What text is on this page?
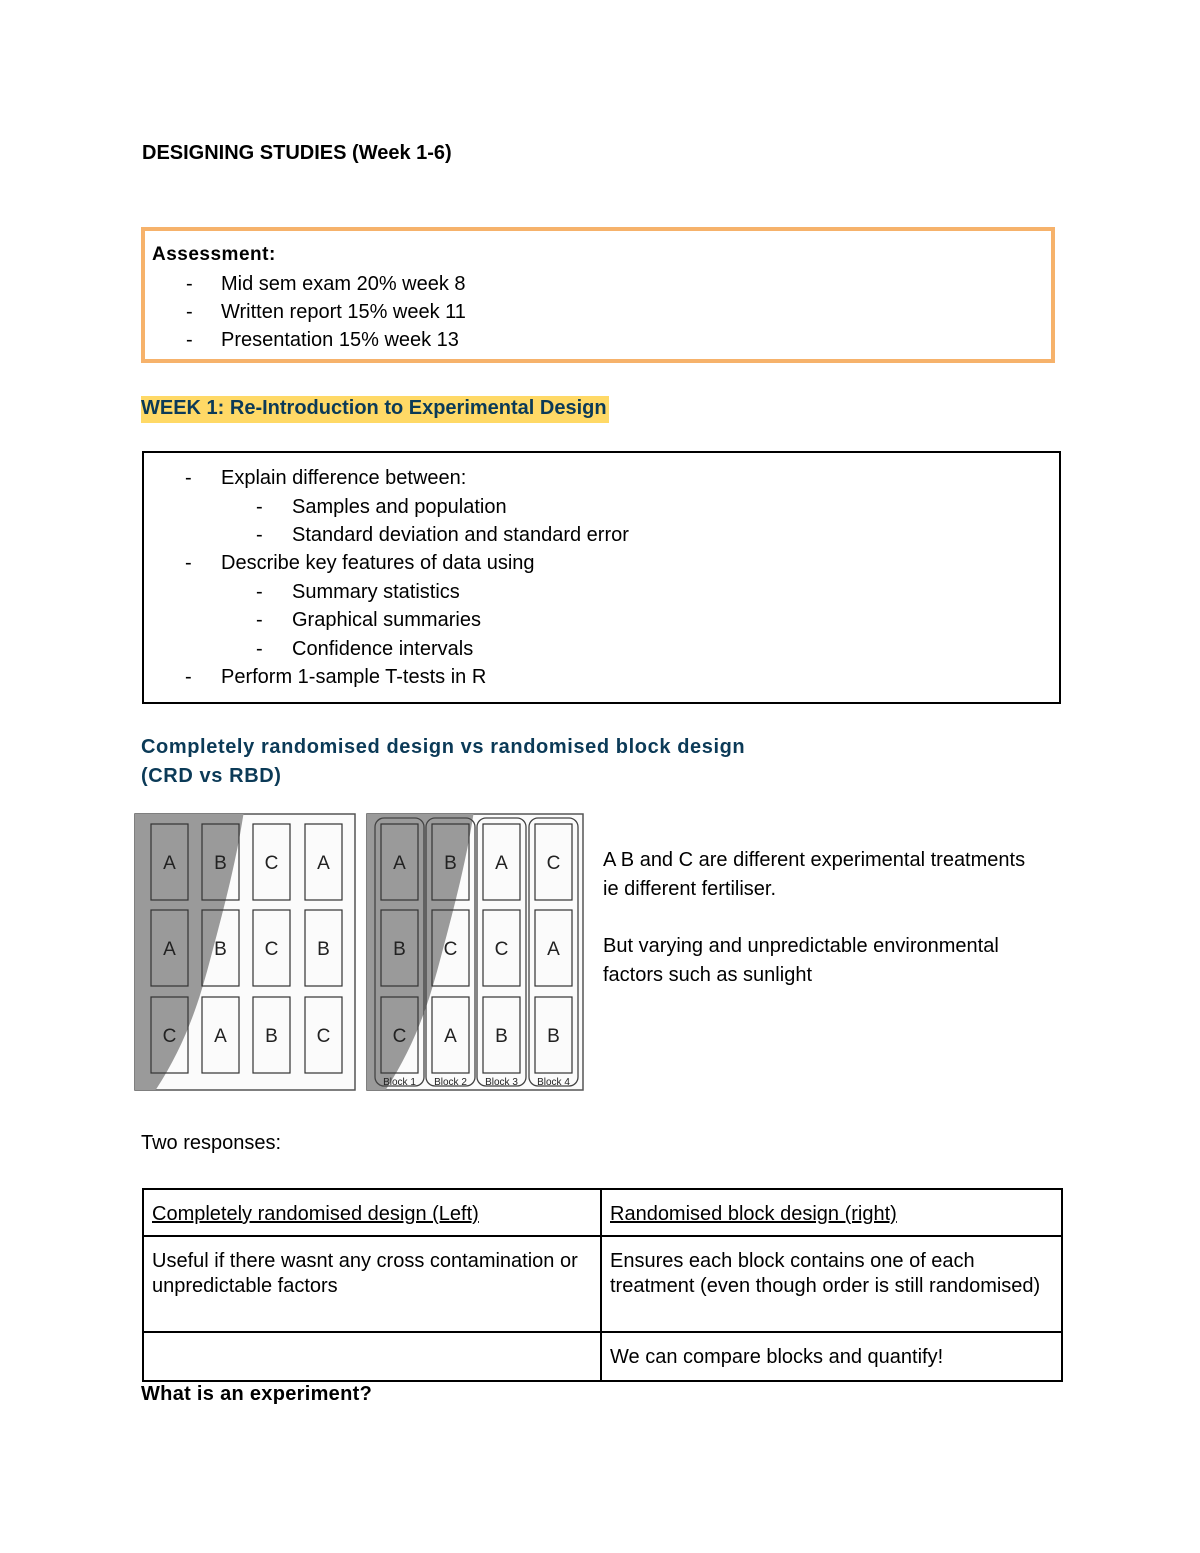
DESIGNING STUDIES (Week 1-6)
Assessment:
- Mid sem exam 20% week 8
- Written report 15% week 11
- Presentation 15% week 13
WEEK 1: Re-Introduction to Experimental Design
- Explain difference between:
- Samples and population
- Standard deviation and standard error
- Describe key features of data using
- Summary statistics
- Graphical summaries
- Confidence intervals
- Perform 1-sample T-tests in R
Completely randomised design vs randomised block design
(CRD vs RBD)
A B C A
A B C B
C A B C
A B A C
B C C A
C A B B
Block 1 Block 2 Block 3 Block 4
A B and C are different experimental treatments ie different fertiliser.
But varying and unpredictable environmental factors such as sunlight
Two responses:
Completely randomised design (Left)	Randomised block design (right)
Useful if there wasnt any cross contamination or unpredictable factors	Ensures each block contains one of each treatment (even though order is still randomised)
	We can compare blocks and quantify!
What is an experiment?
